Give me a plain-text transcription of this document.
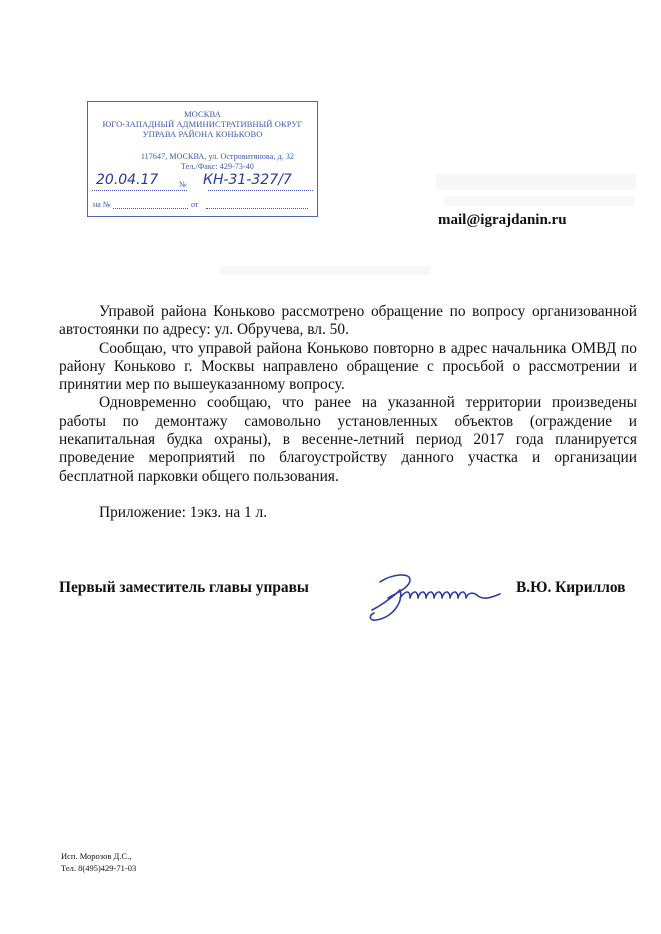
МОСКВА
ЮГО-ЗАПАДНЫЙ АДМИНИСТРАТИВНЫЙ ОКРУГ
УПРАВА РАЙОНА КОНЬКОВО
117647, МОСКВА, ул. Островитянова, д. 32
Тел./Факс: 429-73-40
20.04.17	№ КН-31-327/7
на №	от
mail@igrajdanin.ru

Управой района Коньково рассмотрено обращение по вопросу организованной автостоянки по адресу: ул. Обручева, вл. 50.

Сообщаю, что управой района Коньково повторно в адрес начальника ОМВД по району Коньково г. Москвы направлено обращение с просьбой о рассмотрении и принятии мер по вышеуказанному вопросу.

Одновременно сообщаю, что ранее на указанной территории произведены работы по демонтажу самовольно установленных объектов (ограждение и некапитальная будка охраны), в весенне-летний период 2017 года планируется проведение мероприятий по благоустройству данного участка и организации бесплатной парковки общего пользования.

Приложение: 1экз. на 1 л.
Первый заместитель главы управы	В.Ю. Кириллов
Исп. Морозов Д.С.,
Тел. 8(495)429-71-03
